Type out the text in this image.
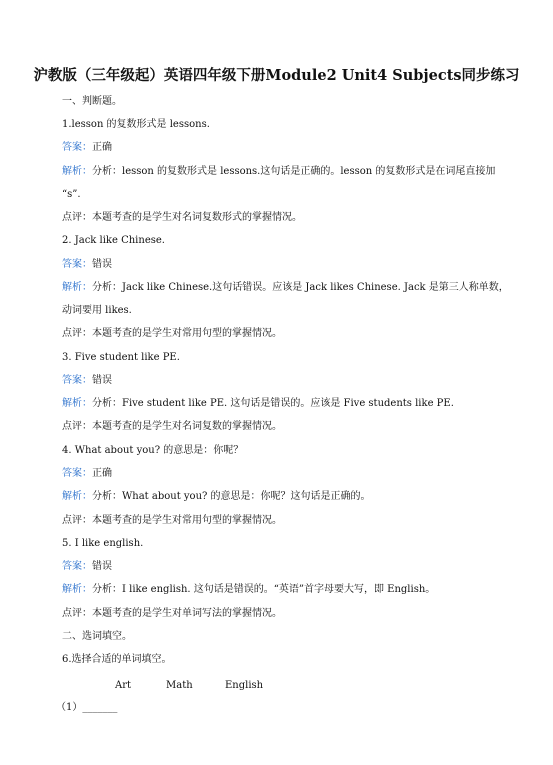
沪教版（三年级起）英语四年级下册Module2 Unit4 Subjects同步练习
一、判断题。
1.lesson 的复数形式是 lessons.
答案：正确
解析：分析：lesson 的复数形式是 lessons.这句话是正确的。lesson 的复数形式是在词尾直接加
“s”.
点评：本题考查的是学生对名词复数形式的掌握情况。
2. Jack like Chinese.
答案：错误
解析：分析：Jack like Chinese.这句话错误。应该是 Jack likes Chinese. Jack 是第三人称单数，
动词要用 likes.
点评：本题考查的是学生对常用句型的掌握情况。
3. Five student like PE.
答案：错误
解析：分析：Five student like PE. 这句话是错误的。应该是 Five students like PE.
点评：本题考查的是学生对名词复数的掌握情况。
4. What about you? 的意思是：你呢？
答案：正确
解析：分析：What about you? 的意思是：你呢？这句话是正确的。
点评：本题考查的是学生对常用句型的掌握情况。
5. I like english.
答案：错误
解析：分析：I like english. 这句话是错误的。“英语”首字母要大写，即 English。
点评：本题考查的是学生对单词写法的掌握情况。
二、选词填空。
6.选择合适的单词填空。
Art	Math	English
（1）_______
